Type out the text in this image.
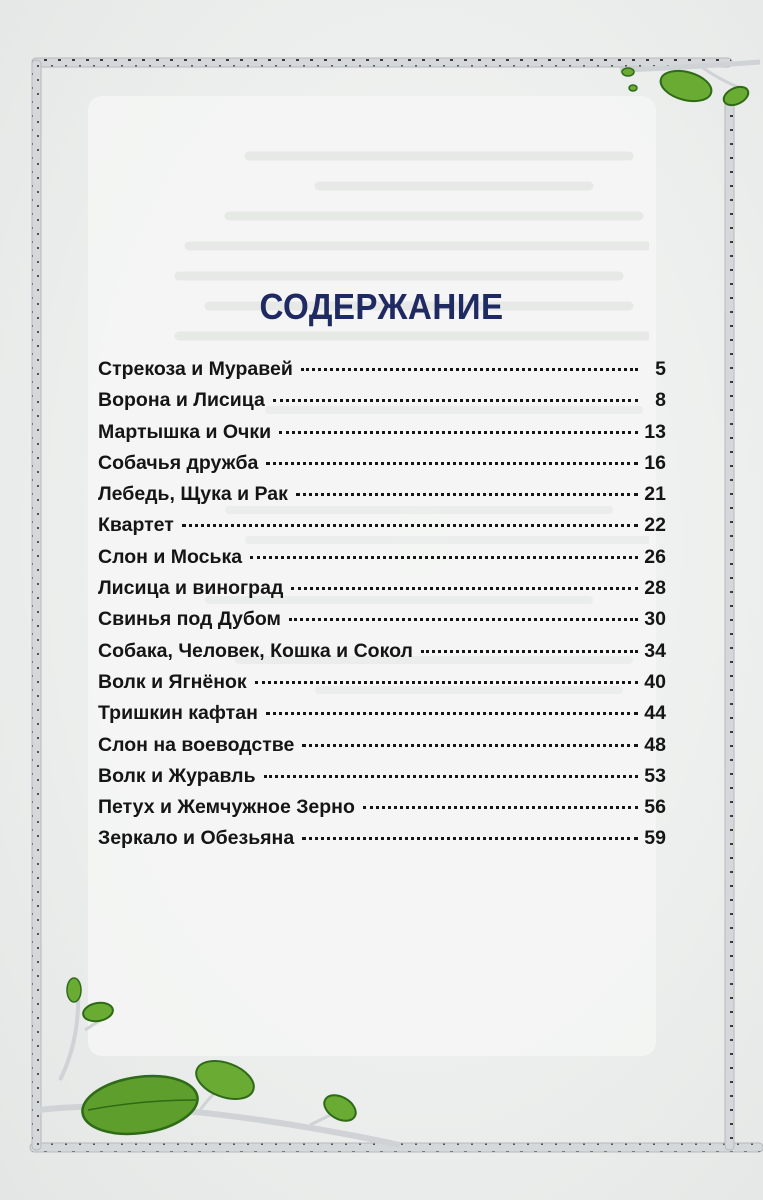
СОДЕРЖАНИЕ
Стрекоза и Муравей	5
Ворона и Лисица	8
Мартышка и Очки	13
Собачья дружба	16
Лебедь, Щука и Рак	21
Квартет	22
Слон и Моська	26
Лисица и виноград	28
Свинья под Дубом	30
Собака, Человек, Кошка и Сокол	34
Волк и Ягнёнок	40
Тришкин кафтан	44
Слон на воеводстве	48
Волк и Журавль	53
Петух и Жемчужное Зерно	56
Зеркало и Обезьяна	59
